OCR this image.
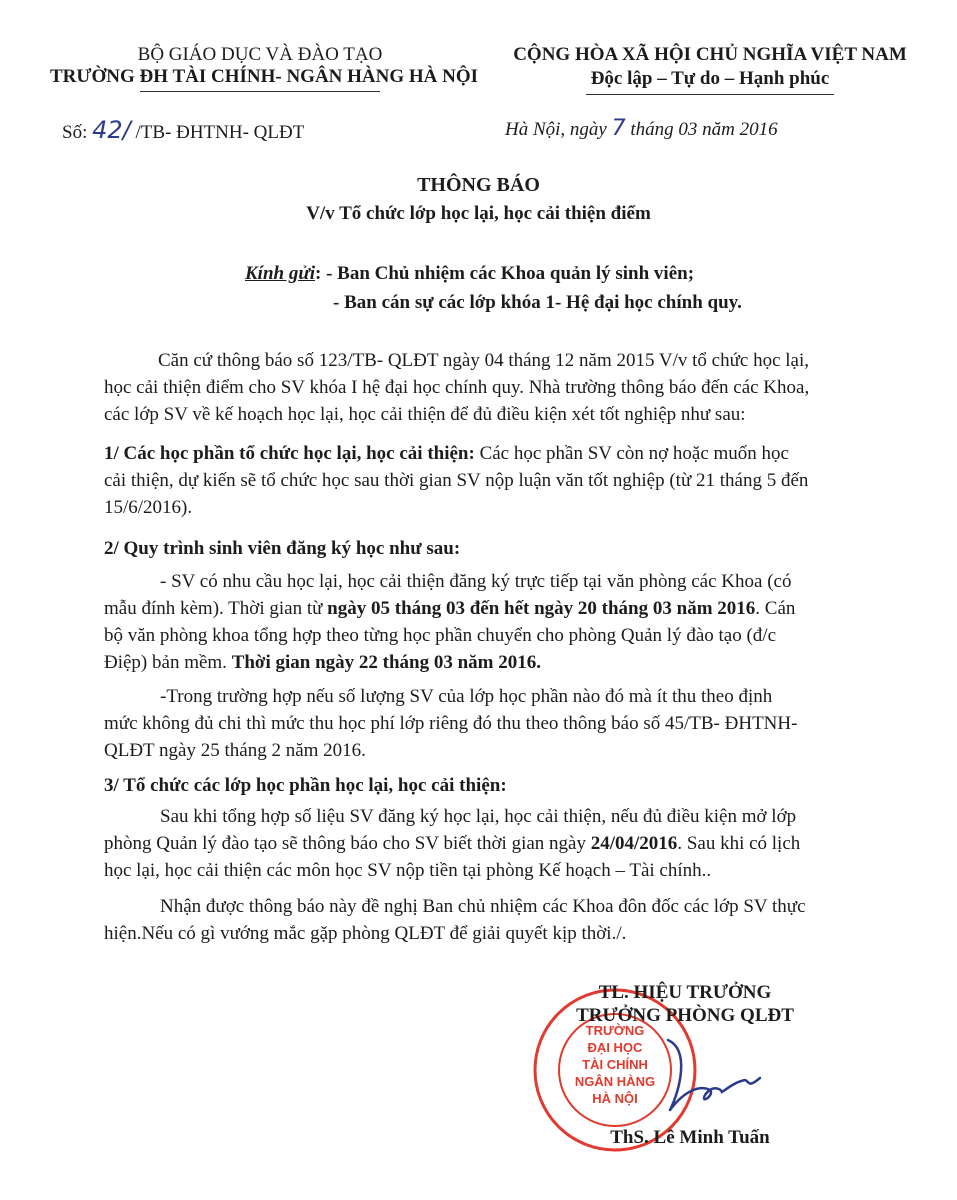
BỘ GIÁO DỤC VÀ ĐÀO TẠO
TRƯỜNG ĐH TÀI CHÍNH- NGÂN HÀNG HÀ NỘI
CỘNG HÒA XÃ HỘI CHỦ NGHĨA VIỆT NAM
Độc lập – Tự do – Hạnh phúc
Số: 42/ /TB- ĐHTNH- QLĐT	Hà Nội, ngày 7 tháng 03 năm 2016
THÔNG BÁO
V/v Tổ chức lớp học lại, học cải thiện điểm
Kính gửi: - Ban Chủ nhiệm các Khoa quản lý sinh viên;
- Ban cán sự các lớp khóa 1- Hệ đại học chính quy.
Căn cứ thông báo số 123/TB- QLĐT ngày 04 tháng 12 năm 2015 V/v tổ chức học lại,
học cải thiện điểm cho SV khóa I hệ đại học chính quy. Nhà trường thông báo đến các Khoa,
các lớp SV về kế hoạch học lại, học cải thiện để đủ điều kiện xét tốt nghiệp như sau:
1/ Các học phần tổ chức học lại, học cải thiện: Các học phần SV còn nợ hoặc muốn học
cải thiện, dự kiến sẽ tổ chức học sau thời gian SV nộp luận văn tốt nghiệp (từ 21 tháng 5 đến
15/6/2016).
2/ Quy trình sinh viên đăng ký học như sau:
- SV có nhu cầu học lại, học cải thiện đăng ký trực tiếp tại văn phòng các Khoa (có
mẫu đính kèm). Thời gian từ ngày 05 tháng 03 đến hết ngày 20 tháng 03 năm 2016. Cán
bộ văn phòng khoa tổng hợp theo từng học phần chuyển cho phòng Quản lý đào tạo (đ/c
Điệp) bản mềm. Thời gian ngày 22 tháng 03 năm 2016.
-Trong trường hợp nếu số lượng SV của lớp học phần nào đó mà ít thu theo định
mức không đủ chi thì mức thu học phí lớp riêng đó thu theo thông báo số 45/TB- ĐHTNH-
QLĐT ngày 25 tháng 2 năm 2016.
3/ Tổ chức các lớp học phần học lại, học cải thiện:
Sau khi tổng hợp số liệu SV đăng ký học lại, học cải thiện, nếu đủ điều kiện mở lớp
phòng Quản lý đào tạo sẽ thông báo cho SV biết thời gian ngày 24/04/2016. Sau khi có lịch
học lại, học cải thiện các môn học SV nộp tiền tại phòng Kế hoạch – Tài chính..
Nhận được thông báo này đề nghị Ban chủ nhiệm các Khoa đôn đốc các lớp SV thực
hiện.Nếu có gì vướng mắc gặp phòng QLĐT để giải quyết kịp thời./.
TRƯỜNG
ĐẠI HỌC
TÀI CHÍNH
NGÂN HÀNG
HÀ NỘI
TL. HIỆU TRƯỞNG
TRƯỞNG PHÒNG QLĐT
ThS. Lê Minh Tuấn
